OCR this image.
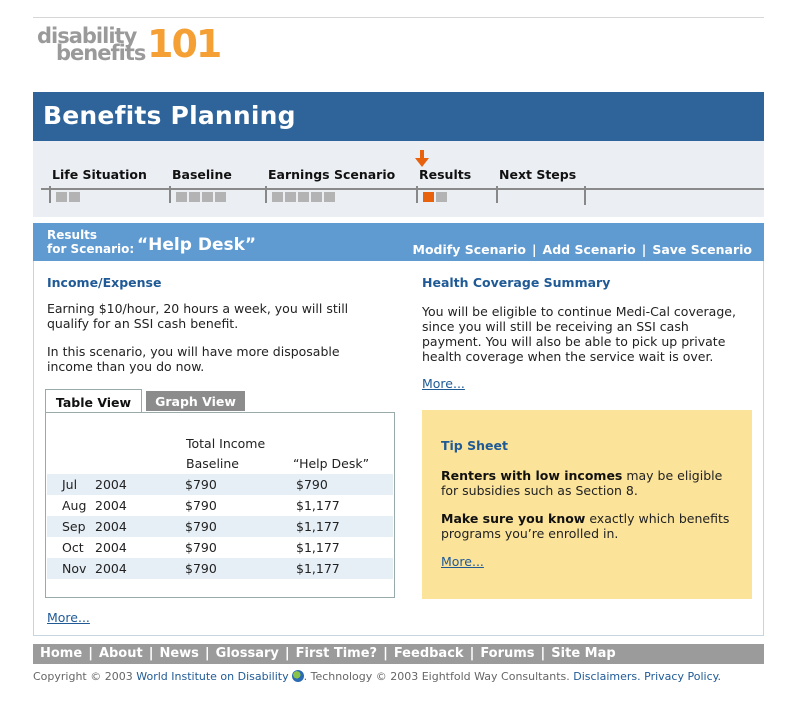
disability
benefits 101
Benefits Planning
Life Situation Baseline	Earnings Scenario Results Next Steps
Results
for Scenario: “Help Desk”	Modify Scenario | Add Scenario | Save Scenario
Income/Expense
Earning $10/hour, 20 hours a week, you will still qualify for an SSI cash benefit.
In this scenario, you will have more disposable income than you do now.
Table View	Graph View
Total Income
Baseline	“Help Desk”
Jul 2004	$790	$790
Aug 2004	$790	$1,177
Sep 2004	$790	$1,177
Oct 2004	$790	$1,177
Nov 2004	$790	$1,177
More...
Health Coverage Summary
You will be eligible to continue Medi-Cal coverage, since you will still be receiving an SSI cash payment. You will also be able to pick up private health coverage when the service wait is over.
More...
Tip Sheet
Renters with low incomes may be eligible for subsidies such as Section 8.
Make sure you know exactly which benefits programs you’re enrolled in.
More...
Home | About | News | Glossary | First Time? | Feedback | Forums | Site Map
Copyright © 2003 World Institute on Disability . Technology © 2003 Eightfold Way Consultants. Disclaimers. Privacy Policy.
